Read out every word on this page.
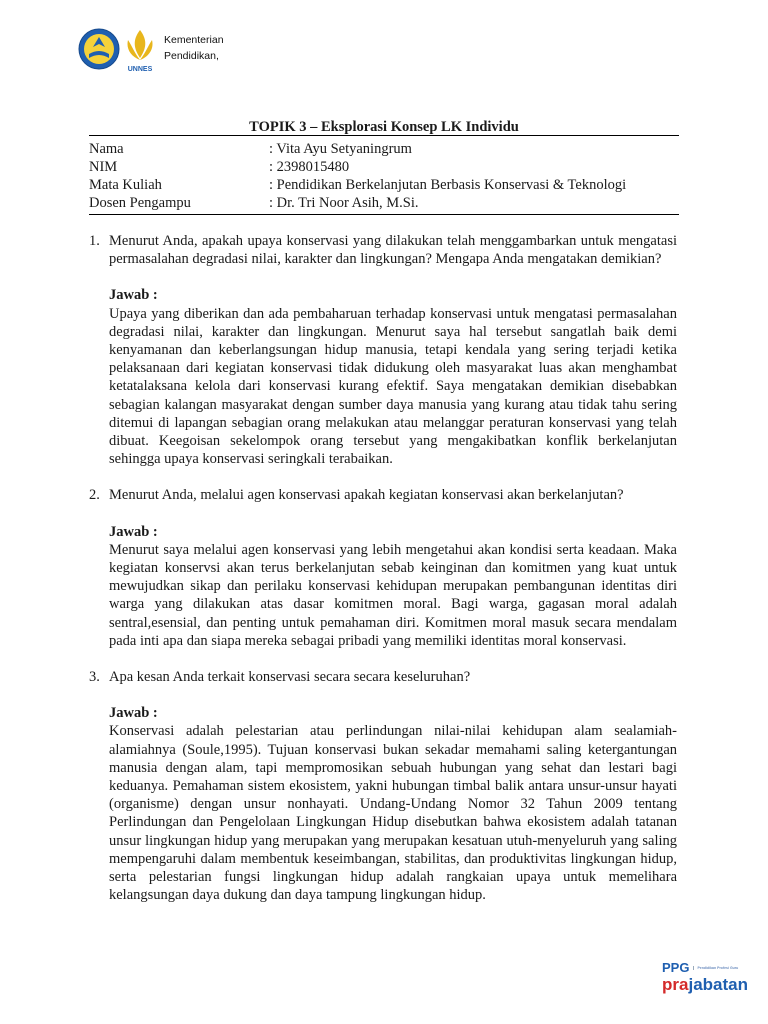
UNNES
Kementerian
Pendidikan,
TOPIK 3 – Eksplorasi Konsep LK Individu
Nama	: Vita Ayu Setyaningrum
NIM	: 2398015480
Mata Kuliah	: Pendidikan Berkelanjutan Berbasis Konservasi & Teknologi
Dosen Pengampu	: Dr. Tri Noor Asih, M.Si.
1. Menurut Anda, apakah upaya konservasi yang dilakukan telah menggambarkan untuk mengatasi permasalahan degradasi nilai, karakter dan lingkungan? Mengapa Anda mengatakan demikian?
Jawab :
Upaya yang diberikan dan ada pembaharuan terhadap konservasi untuk mengatasi permasalahan degradasi nilai, karakter dan lingkungan. Menurut saya hal tersebut sangatlah baik demi kenyamanan dan keberlangsungan hidup manusia, tetapi kendala yang sering terjadi ketika pelaksanaan dari kegiatan konservasi tidak didukung oleh masyarakat luas akan menghambat ketatalaksana kelola dari konservasi kurang efektif. Saya mengatakan demikian disebabkan sebagian kalangan masyarakat dengan sumber daya manusia yang kurang atau tidak tahu sering ditemui di lapangan sebagian orang melakukan atau melanggar peraturan konservasi yang telah dibuat. Keegoisan sekelompok orang tersebut yang mengakibatkan konflik berkelanjutan sehingga upaya konservasi seringkali terabaikan.
2. Menurut Anda, melalui agen konservasi apakah kegiatan konservasi akan berkelanjutan?
Jawab :
Menurut saya melalui agen konservasi yang lebih mengetahui akan kondisi serta keadaan. Maka kegiatan konservsi akan terus berkelanjutan sebab keinginan dan komitmen yang kuat untuk mewujudkan sikap dan perilaku konservasi kehidupan merupakan pembangunan identitas diri warga yang dilakukan atas dasar komitmen moral. Bagi warga, gagasan moral adalah sentral,esensial, dan penting untuk pemahaman diri. Komitmen moral masuk secara mendalam pada inti apa dan siapa mereka sebagai pribadi yang memiliki identitas moral konservasi.
3. Apa kesan Anda terkait konservasi secara secara keseluruhan?
Jawab :
Konservasi adalah pelestarian atau perlindungan nilai-nilai kehidupan alam sealamiah-alamiahnya (Soule,1995). Tujuan konservasi bukan sekadar memahami saling ketergantungan manusia dengan alam, tapi mempromosikan sebuah hubungan yang sehat dan lestari bagi keduanya. Pemahaman sistem ekosistem, yakni hubungan timbal balik antara unsur-unsur hayati (organisme) dengan unsur nonhayati. Undang-Undang Nomor 32 Tahun 2009 tentang Perlindungan dan Pengelolaan Lingkungan Hidup disebutkan bahwa ekosistem adalah tatanan unsur lingkungan hidup yang merupakan yang merupakan kesatuan utuh-menyeluruh yang saling mempengaruhi dalam membentuk keseimbangan, stabilitas, dan produktivitas lingkungan hidup, serta pelestarian fungsi lingkungan hidup adalah rangkaian upaya untuk memelihara kelangsungan daya dukung dan daya tampung lingkungan hidup.
PPG	Pendidikan Profesi Guru
prajabatan
